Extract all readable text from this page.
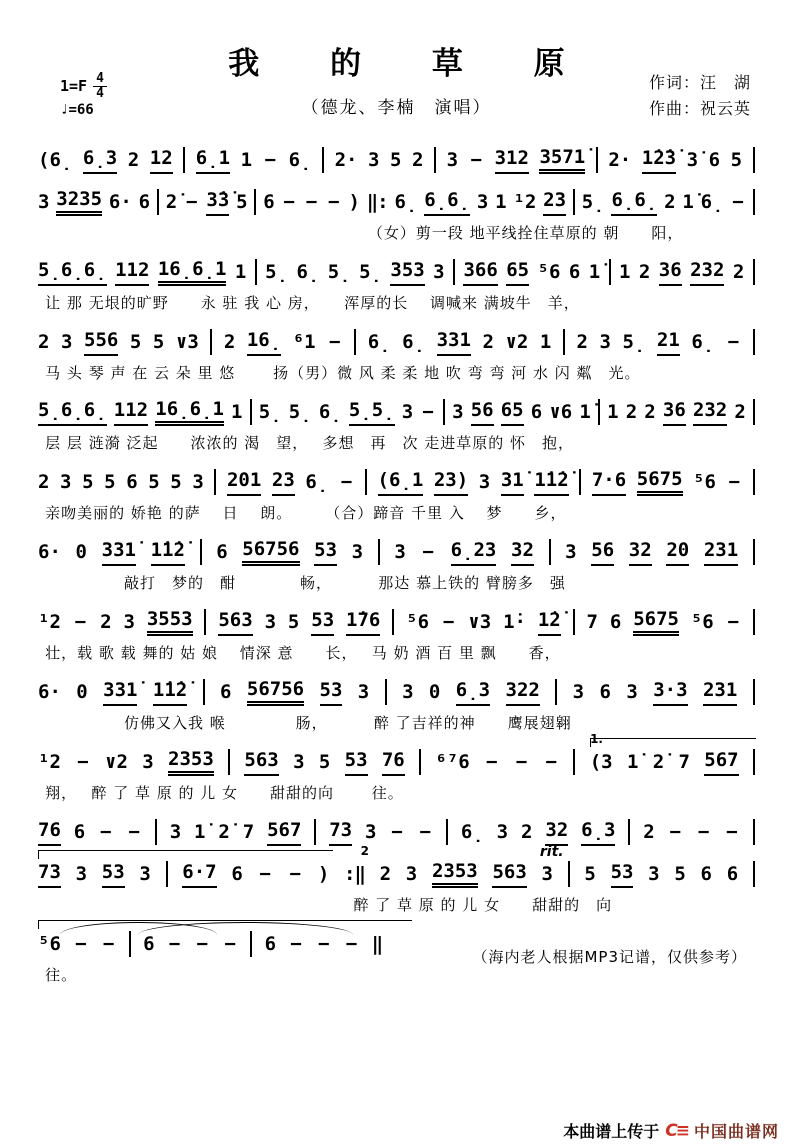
我 的 草 原
（德龙、李楠　演唱）
$1=F \frac{4}{4}$
♩=66
作词：汪　湖
作曲：祝云英
(6̣ 6̣3 2 12 6̣1 1 − 6̣ 2· 3 5 2 3 − 312 3571̇ 2· 1̇2̇3̇ 3̇ 6 5
3 3235 6· 6 2̇ − 3̇3̇ 5 6 − − − ) ‖: 6̣ 6̣6̣ 3 1 ¹2 23 5̣ 6̣6̣ 2 1̇ 6̣ −
（女）剪一段 地平线拴住草原的 朝　　阳，
5̣6̣6̣ 112 16̣6̣1 1 5̣ 6̣ 5̣ 5̣ 353 3 366 65 ⁵6 6 1̇ 1 2 36 232 2
让 那 无垠的旷野　　永 驻 我 心 房，　　浑厚的长　 调喊来 满坡牛　羊，
2 3 556 5 5 ∨3 2 16̣ ⁶1 − 6̣ 6̣ 331 2 ∨2 1 2 3 5̣ 21 6̣ −
马 头 琴 声 在 云 朵 里 悠　　 扬（男）微 风 柔 柔 地 吹 弯 弯 河 水 闪 粼　光。
5̣6̣6̣ 112 16̣6̣1 1 5̣ 5̣ 6̣ 5̣5̣ 3 − 3 56 65 6 ∨6 1̇ 1 2 2 36 232 2
层 层 涟漪 泛起　　浓浓的 渴　望，　 多想　再　次 走进草原的 怀　抱，
2 3 5 5 6 5 5 3 201 23 6̣ − (6̣1 23) 3 31̇ 1̇1̇2̇ 7·6 5675 ⁵6 −
亲吻美丽的 娇艳 的萨　 日　 朗。　　　（合）蹄音 千里 入　 梦　　乡，
6· 0 331̇ 1̇1̇2̇ 6 56756 53 3 3 − 6̣23 32 3 56 32 20 231
敲打　梦的　酣　　　　畅，　　　 那达 慕上铁的 臂膀多　强
¹2 − 2 3 3553 563 3 5 53 1̇76 ⁵6 − ∨3 1̇· 1̇2̇ 7 6 5675 ⁵6 −
壮，载 歌 载 舞的 姑 娘　 情深 意　　长，　 马 奶 酒 百 里 飘　　香，
6· 0 331̇ 1̇1̇2̇ 6 56756 53 3 3 0 6̣3 322 3 6 3 3·3 231
仿佛又入我 喉　　　　 肠，　　　 醉 了吉祥的神　　鹰展翅翱
1.
¹2 − ∨2 3 2353 563 3 5 53 76 ⁶⁷6 − − − (3 1̇ 2̇ 7 567
翔，　 醉 了 草 原 的 儿 女　　甜甜的向　　 往。
76 6 − − 3 1̇ 2̇ 7 567 73 3 − − 6̣ 3 2 32 6̣3 2 − − −
2	rit.
73 3 53 3 6·7 6 − − ) :‖ 2 3 2353 563 3 5 53 3 5 6 6
醉 了 草 原 的 儿 女　　甜甜的　向
⁵6 − − 6 − − − 6 − − − ‖
往。
（海内老人根据MP3记谱，仅供参考）
本曲谱上传于 C≡ 中国曲谱网
